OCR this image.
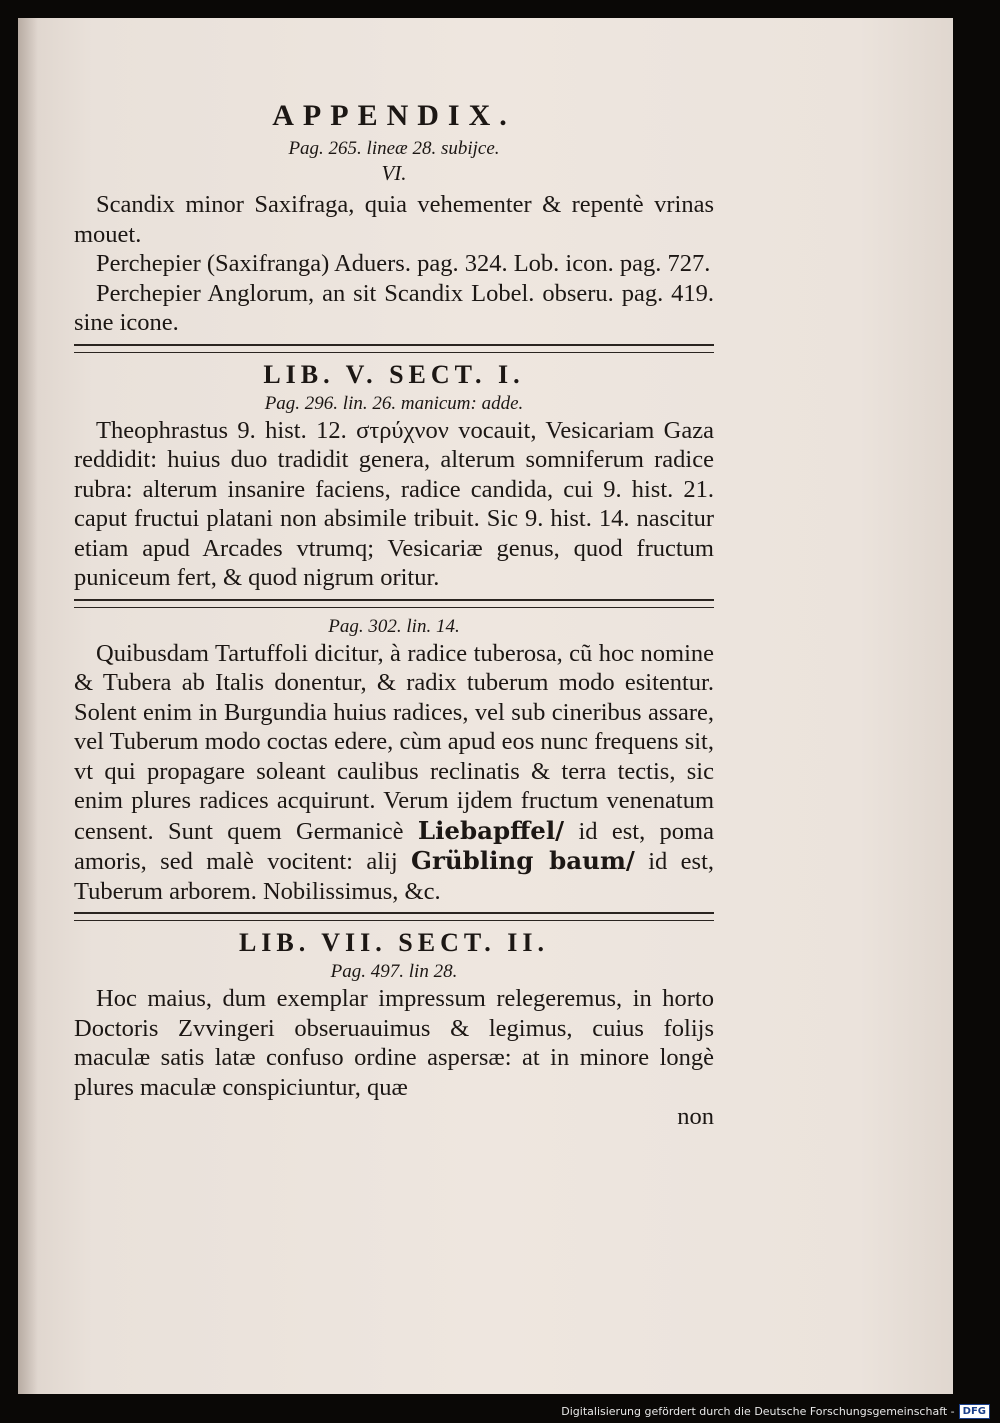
APPENDIX.

Pag. 265. lineæ 28. subijce.

VI.

Scandix minor Saxifraga, quia vehementer & repentè vrinas mouet.

Perchepier (Saxifranga) Aduers. pag. 324. Lob. icon. pag. 727.

Perchepier Anglorum, an sit Scandix Lobel. obseru. pag. 419. sine icone.

LIB. V. SECT. I.

Pag. 296. lin. 26. manicum: adde.

Theophrastus 9. hist. 12. στρύχνον vocauit, Vesicariam Gaza reddidit: huius duo tradidit genera, alterum somniferum radice rubra: alterum insanire faciens, radice candida, cui 9. hist. 21. caput fructui platani non absimile tribuit. Sic 9. hist. 14. nascitur etiam apud Arcades vtrumq; Vesicariæ genus, quod fructum puniceum fert, & quod nigrum oritur.

Pag. 302. lin. 14.

Quibusdam Tartuffoli dicitur, à radice tuberosa, cũ hoc nomine & Tubera ab Italis donentur, & radix tuberum modo esitentur. Solent enim in Burgundia huius radices, vel sub cineribus assare, vel Tuberum modo coctas edere, cùm apud eos nunc frequens sit, vt qui propagare soleant caulibus reclinatis & terra tectis, sic enim plures radices acquirunt. Verum ijdem fructum venenatum censent. Sunt quem Germanicè Liebapffel/ id est, poma amoris, sed malè vocitent: alij Grübling baum/ id est, Tuberum arborem. Nobilissimus, &c.

LIB. VII. SECT. II.

Pag. 497. lin 28.

Hoc maius, dum exemplar impressum relegeremus, in horto Doctoris Zvvingeri obseruauimus & legimus, cuius folijs maculæ satis latæ confuso ordine aspersæ: at in minore longè plures maculæ conspiciuntur, quæ

non

Digitalisierung gefördert durch die Deutsche Forschungsgemeinschaft - DFG
